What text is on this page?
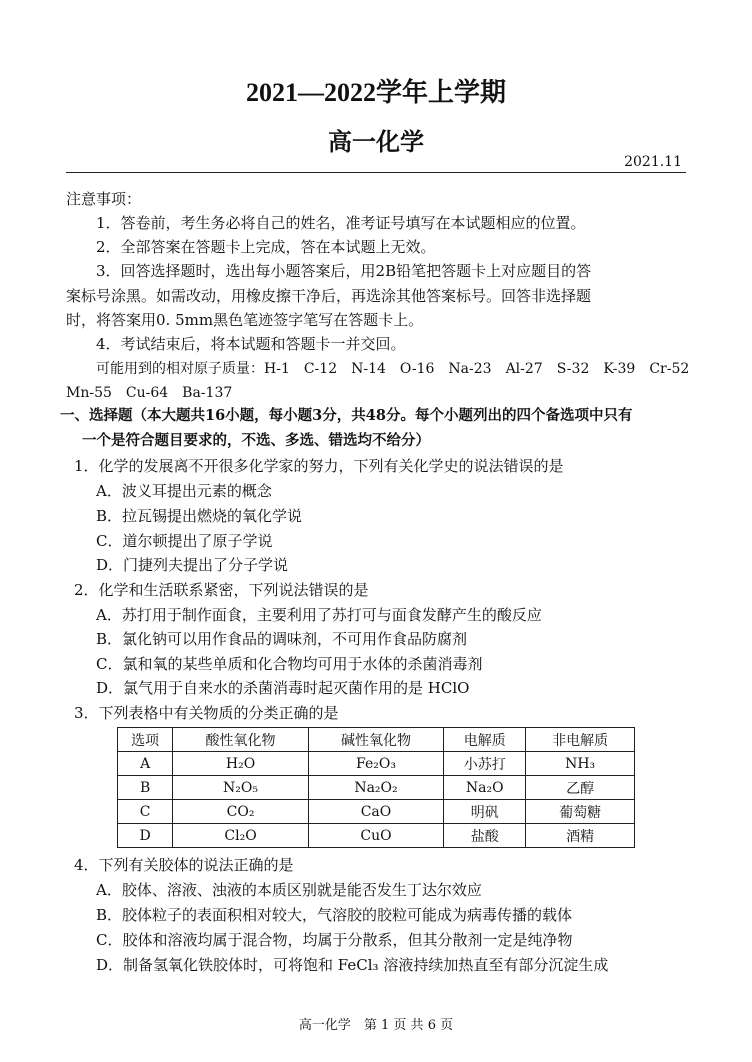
2021—2022学年上学期
高一化学
2021.11
注意事项：
1．答卷前，考生务必将自己的姓名，准考证号填写在本试题相应的位置。
2．全部答案在答题卡上完成，答在本试题上无效。
3．回答选择题时，选出每小题答案后，用2B铅笔把答题卡上对应题目的答
案标号涂黑。如需改动，用橡皮擦干净后，再选涂其他答案标号。回答非选择题
时，将答案用0. 5mm黑色笔迹签字笔写在答题卡上。
4．考试结束后，将本试题和答题卡一并交回。
可能用到的相对原子质量：H-1　C-12　N-14　O-16　Na-23　Al-27　S-32　K-39　Cr-52
Mn-55　Cu-64　Ba-137
一、选择题（本大题共16小题，每小题3分，共48分。每个小题列出的四个备选项中只有
一个是符合题目要求的，不选、多选、错选均不给分）
1．化学的发展离不开很多化学家的努力，下列有关化学史的说法错误的是
A．波义耳提出元素的概念
B．拉瓦锡提出燃烧的氧化学说
C．道尔顿提出了原子学说
D．门捷列夫提出了分子学说
2．化学和生活联系紧密，下列说法错误的是
A．苏打用于制作面食，主要利用了苏打可与面食发酵产生的酸反应
B．氯化钠可以用作食品的调味剂，不可用作食品防腐剂
C．氯和氧的某些单质和化合物均可用于水体的杀菌消毒剂
D．氯气用于自来水的杀菌消毒时起灭菌作用的是 HClO
3．下列表格中有关物质的分类正确的是
选项	酸性氧化物	碱性氧化物	电解质	非电解质
A	H₂O	Fe₂O₃	小苏打	NH₃
B	N₂O₅	Na₂O₂	Na₂O	乙醇
C	CO₂	CaO	明矾	葡萄糖
D	Cl₂O	CuO	盐酸	酒精
4．下列有关胶体的说法正确的是
A．胶体、溶液、浊液的本质区别就是能否发生丁达尔效应
B．胶体粒子的表面积相对较大，气溶胶的胶粒可能成为病毒传播的载体
C．胶体和溶液均属于混合物，均属于分散系，但其分散剂一定是纯净物
D．制备氢氧化铁胶体时，可将饱和 FeCl₃ 溶液持续加热直至有部分沉淀生成
高一化学　第 1 页 共 6 页
